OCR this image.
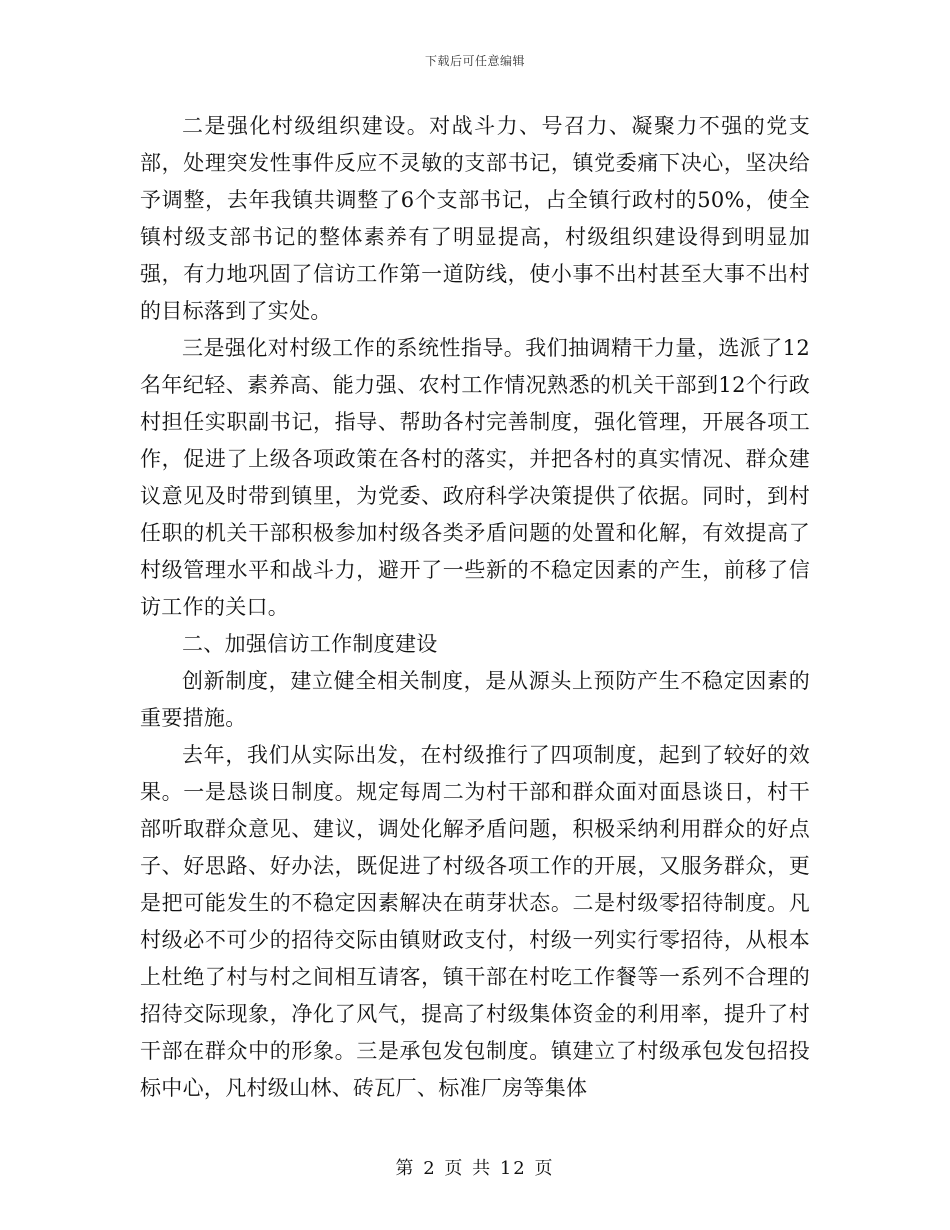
下载后可任意编辑

二是强化村级组织建设。对战斗力、号召力、凝聚力不强的党支部，处理突发性事件反应不灵敏的支部书记，镇党委痛下决心，坚决给予调整，去年我镇共调整了6个支部书记，占全镇行政村的50%，使全镇村级支部书记的整体素养有了明显提高，村级组织建设得到明显加强，有力地巩固了信访工作第一道防线，使小事不出村甚至大事不出村的目标落到了实处。

三是强化对村级工作的系统性指导。我们抽调精干力量，选派了12名年纪轻、素养高、能力强、农村工作情况熟悉的机关干部到12个行政村担任实职副书记，指导、帮助各村完善制度，强化管理，开展各项工作，促进了上级各项政策在各村的落实，并把各村的真实情况、群众建议意见及时带到镇里，为党委、政府科学决策提供了依据。同时，到村任职的机关干部积极参加村级各类矛盾问题的处置和化解，有效提高了村级管理水平和战斗力，避开了一些新的不稳定因素的产生，前移了信访工作的关口。

二、加强信访工作制度建设

创新制度，建立健全相关制度，是从源头上预防产生不稳定因素的重要措施。

去年，我们从实际出发，在村级推行了四项制度，起到了较好的效果。一是恳谈日制度。规定每周二为村干部和群众面对面恳谈日，村干部听取群众意见、建议，调处化解矛盾问题，积极采纳利用群众的好点子、好思路、好办法，既促进了村级各项工作的开展，又服务群众，更是把可能发生的不稳定因素解决在萌芽状态。二是村级零招待制度。凡村级必不可少的招待交际由镇财政支付，村级一列实行零招待，从根本上杜绝了村与村之间相互请客，镇干部在村吃工作餐等一系列不合理的招待交际现象，净化了风气，提高了村级集体资金的利用率，提升了村干部在群众中的形象。三是承包发包制度。镇建立了村级承包发包招投标中心，凡村级山林、砖瓦厂、标准厂房等集体

第 2 页 共 12 页
